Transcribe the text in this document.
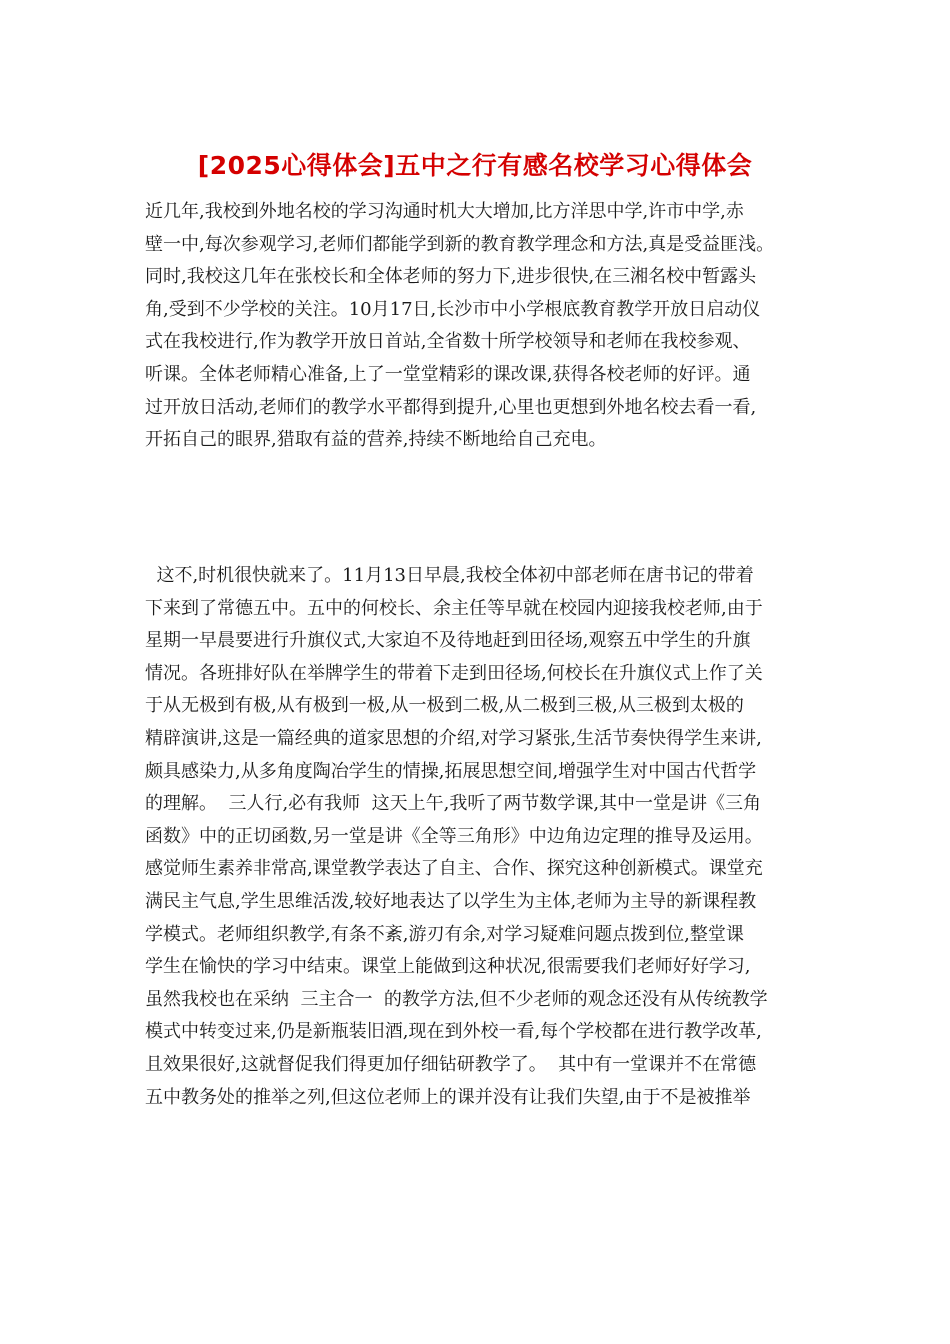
[2025心得体会]五中之行有感名校学习心得体会
近几年,我校到外地名校的学习沟通时机大大增加,比方洋思中学,许市中学,赤
壁一中,每次参观学习,老师们都能学到新的教育教学理念和方法,真是受益匪浅。
同时,我校这几年在张校长和全体老师的努力下,进步很快,在三湘名校中暂露头
角,受到不少学校的关注。10月17日,长沙市中小学根底教育教学开放日启动仪
式在我校进行,作为教学开放日首站,全省数十所学校领导和老师在我校参观、
听课。全体老师精心准备,上了一堂堂精彩的课改课,获得各校老师的好评。通
过开放日活动,老师们的教学水平都得到提升,心里也更想到外地名校去看一看,
开拓自己的眼界,猎取有益的营养,持续不断地给自己充电。
这不,时机很快就来了。11月13日早晨,我校全体初中部老师在唐书记的带着
下来到了常德五中。五中的何校长、余主任等早就在校园内迎接我校老师,由于
星期一早晨要进行升旗仪式,大家迫不及待地赶到田径场,观察五中学生的升旗
情况。各班排好队在举牌学生的带着下走到田径场,何校长在升旗仪式上作了关
于从无极到有极,从有极到一极,从一极到二极,从二极到三极,从三极到太极的
精辟演讲,这是一篇经典的道家思想的介绍,对学习紧张,生活节奏快得学生来讲,
颇具感染力,从多角度陶冶学生的情操,拓展思想空间,增强学生对中国古代哲学
的理解。  三人行,必有我师  这天上午,我听了两节数学课,其中一堂是讲《三角
函数》中的正切函数,另一堂是讲《全等三角形》中边角边定理的推导及运用。
感觉师生素养非常高,课堂教学表达了自主、合作、探究这种创新模式。课堂充
满民主气息,学生思维活泼,较好地表达了以学生为主体,老师为主导的新课程教
学模式。老师组织教学,有条不紊,游刃有余,对学习疑难问题点拨到位,整堂课
学生在愉快的学习中结束。课堂上能做到这种状况,很需要我们老师好好学习,
虽然我校也在采纳  三主合一  的教学方法,但不少老师的观念还没有从传统教学
模式中转变过来,仍是新瓶装旧酒,现在到外校一看,每个学校都在进行教学改革,
且效果很好,这就督促我们得更加仔细钻研教学了。  其中有一堂课并不在常德
五中教务处的推举之列,但这位老师上的课并没有让我们失望,由于不是被推举
